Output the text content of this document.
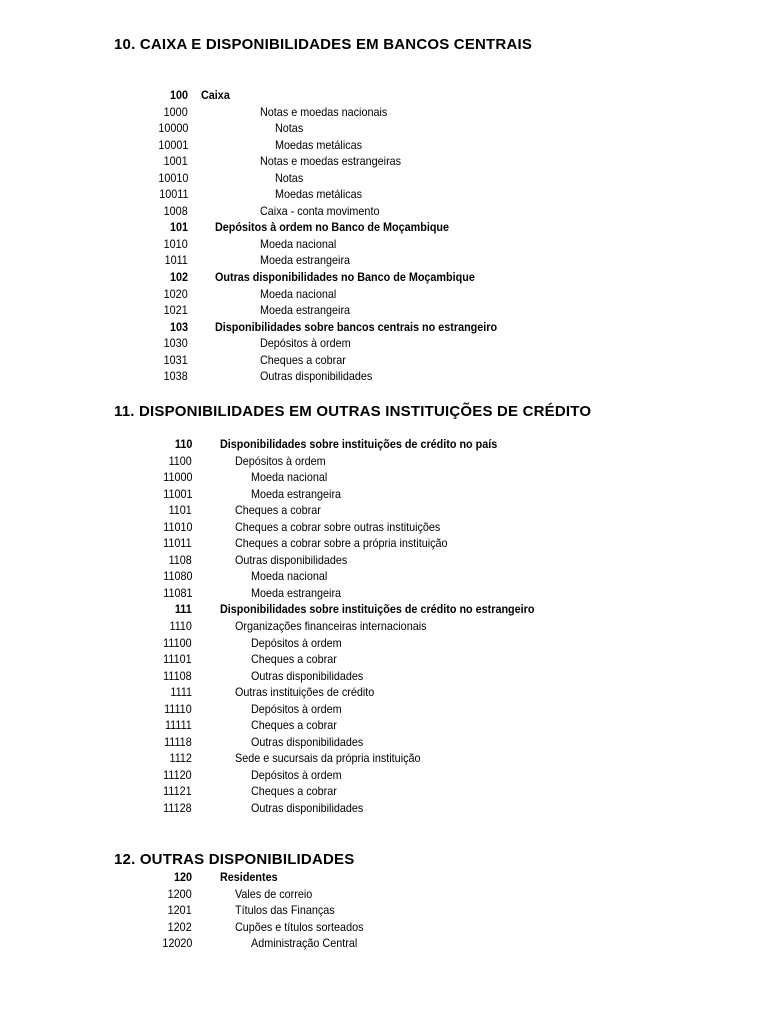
10. CAIXA E DISPONIBILIDADES EM BANCOS CENTRAIS
100 Caixa
1000	Notas e moedas nacionais
10000	Notas
10001	Moedas metálicas
1001	Notas e moedas estrangeiras
10010	Notas
10011	Moedas metálicas
1008	Caixa - conta movimento
101 Depósitos à ordem no Banco de Moçambique
1010	Moeda nacional
1011	Moeda estrangeira
102 Outras disponibilidades no Banco de Moçambique
1020	Moeda nacional
1021	Moeda estrangeira
103 Disponibilidades sobre bancos centrais no estrangeiro
1030	Depósitos à ordem
1031	Cheques a cobrar
1038	Outras disponibilidades
11. DISPONIBILIDADES EM OUTRAS INSTITUIÇÕES DE CRÉDITO
110 Disponibilidades sobre instituições de crédito no país
1100	Depósitos à ordem
11000	Moeda nacional
11001	Moeda estrangeira
1101	Cheques a cobrar
11010	Cheques a cobrar sobre outras instituições
11011	Cheques a cobrar sobre a própria instituição
1108	Outras disponibilidades
11080	Moeda nacional
11081	Moeda estrangeira
111 Disponibilidades sobre instituições de crédito no estrangeiro
1110	Organizações financeiras internacionais
11100	Depósitos à ordem
11101	Cheques a cobrar
11108	Outras disponibilidades
1111	Outras instituições de crédito
11110	Depósitos à ordem
11111	Cheques a cobrar
11118	Outras disponibilidades
1112	Sede e sucursais da própria instituição
11120	Depósitos à ordem
11121	Cheques a cobrar
11128	Outras disponibilidades
12. OUTRAS DISPONIBILIDADES
120 Residentes
1200	Vales de correio
1201	Títulos das Finanças
1202	Cupões e títulos sorteados
12020	Administração Central
